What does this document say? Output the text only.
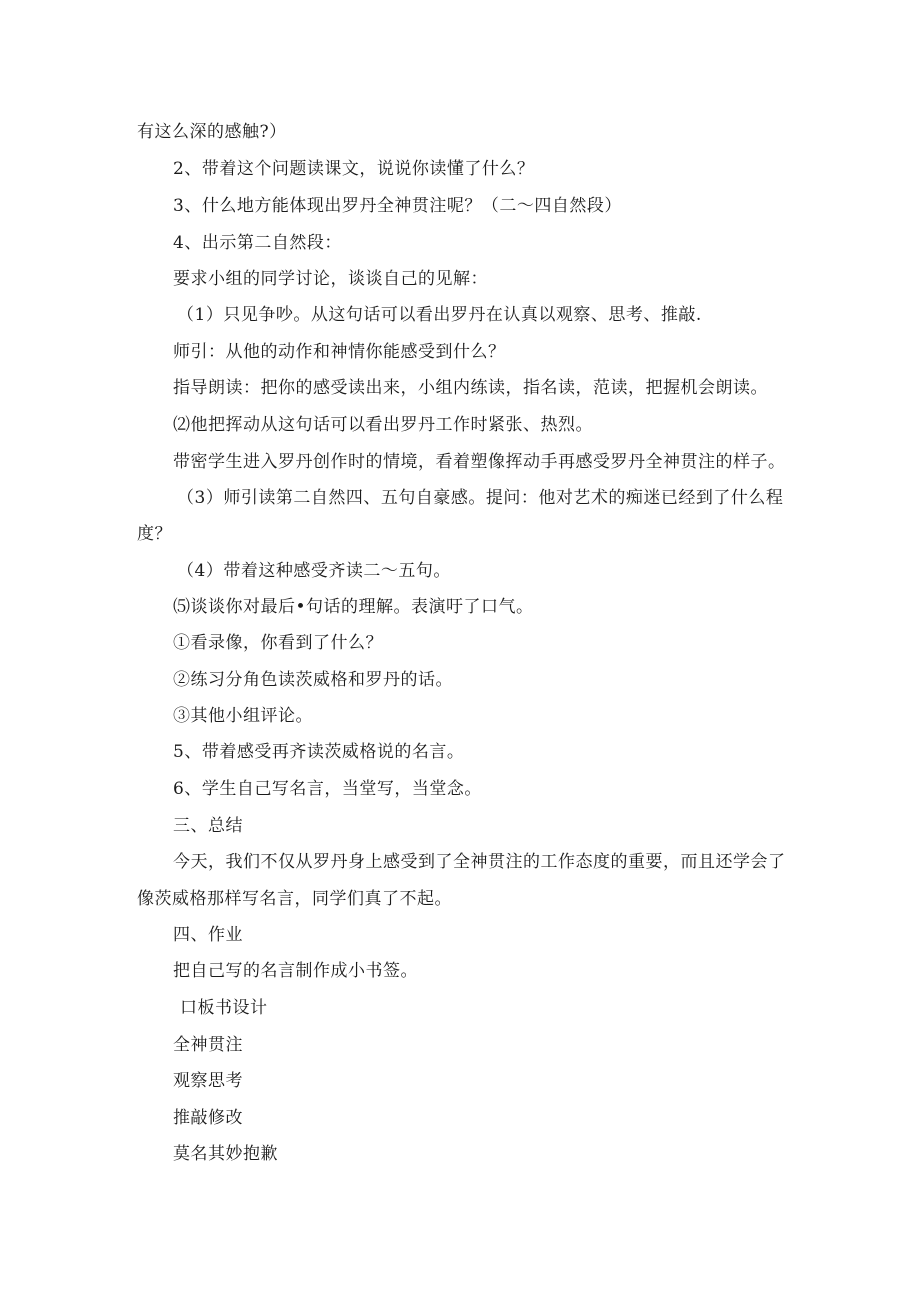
有这么深的感触?）
2、带着这个问题读课文，说说你读懂了什么？
3、什么地方能体现出罗丹全神贯注呢？（二～四自然段）
4、出示第二自然段：
要求小组的同学讨论，谈谈自己的见解：
（1）只见争吵。从这句话可以看出罗丹在认真以观察、思考、推敲.
师引：从他的动作和神情你能感受到什么？
指导朗读：把你的感受读出来，小组内练读，指名读，范读，把握机会朗读。
⑵他把挥动从这句话可以看出罗丹工作时紧张、热烈。
带密学生进入罗丹创作时的情境，看着塑像挥动手再感受罗丹全神贯注的样子。
（3）师引读第二自然四、五句自豪感。提问：他对艺术的痴迷已经到了什么程
度？
（4）带着这种感受齐读二～五句。
⑸谈谈你对最后•句话的理解。表演吁了口气。
①看录像，你看到了什么？
②练习分角色读茨威格和罗丹的话。
③其他小组评论。
5、带着感受再齐读茨威格说的名言。
6、学生自己写名言，当堂写，当堂念。
三、总结
今天，我们不仅从罗丹身上感受到了全神贯注的工作态度的重要，而且还学会了
像茨威格那样写名言，同学们真了不起。
四、作业
把自己写的名言制作成小书签。
口板书设计
全神贯注
观察思考
推敲修改
莫名其妙抱歉
